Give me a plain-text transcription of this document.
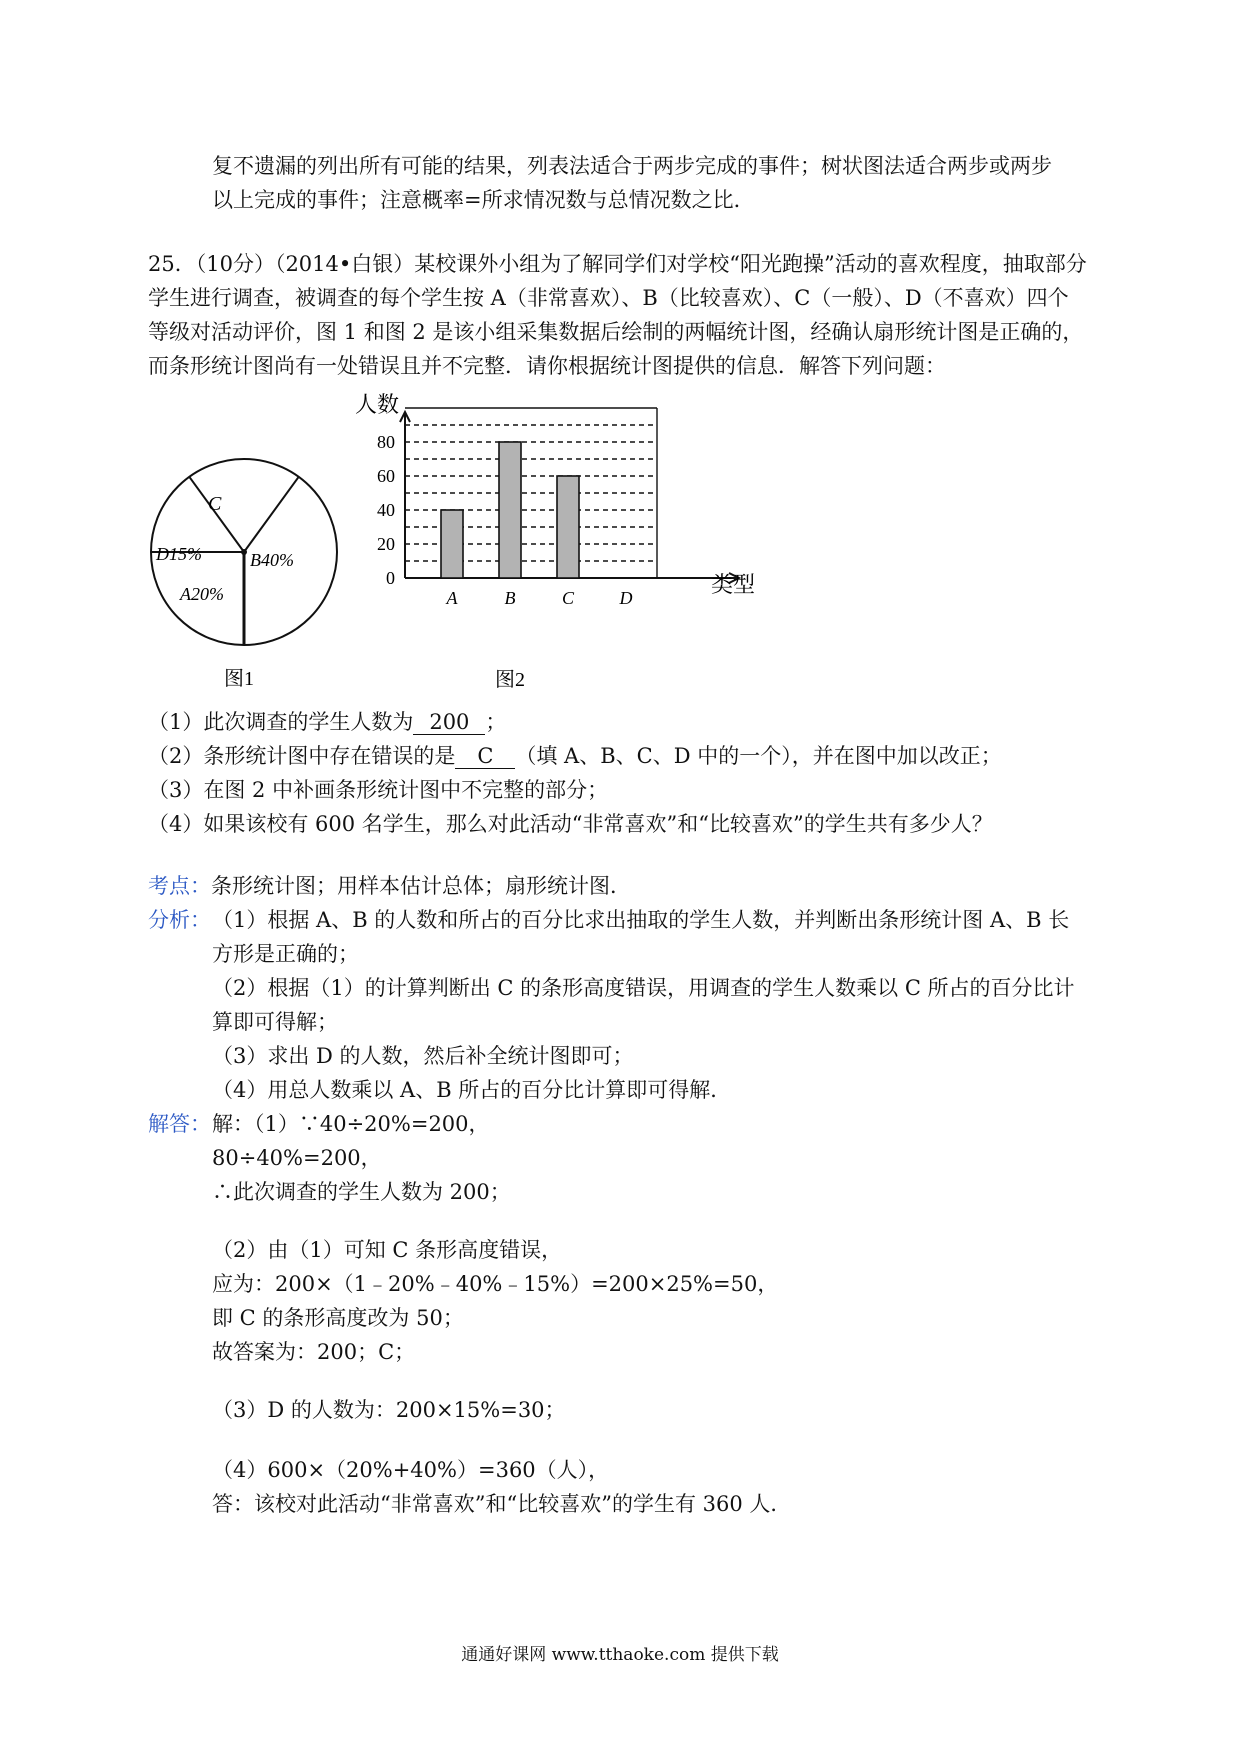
复不遗漏的列出所有可能的结果，列表法适合于两步完成的事件；树状图法适合两步或两步
以上完成的事件；注意概率=所求情况数与总情况数之比．
25．（10分）（2014•白银）某校课外小组为了解同学们对学校“阳光跑操”活动的喜欢程度，抽取部分
学生进行调查，被调查的每个学生按 A（非常喜欢）、B（比较喜欢）、C（一般）、D（不喜欢）四个
等级对活动评价，图 1 和图 2 是该小组采集数据后绘制的两幅统计图，经确认扇形统计图是正确的，
而条形统计图尚有一处错误且并不完整．请你根据统计图提供的信息．解答下列问题：
C
D15%
A20%
B40%
图1
0
20
40
60
80
A	B	C	D
人数
类型
图2
（1）此次调查的学生人数为 200 ；
（2）条形统计图中存在错误的是 C （填 A、B、C、D 中的一个），并在图中加以改正；
（3）在图 2 中补画条形统计图中不完整的部分；
（4）如果该校有 600 名学生，那么对此活动“非常喜欢”和“比较喜欢”的学生共有多少人？
考点：条形统计图；用样本估计总体；扇形统计图．
分析： （1）根据 A、B 的人数和所占的百分比求出抽取的学生人数，并判断出条形统计图 A、B 长
方形是正确的；
（2）根据（1）的计算判断出 C 的条形高度错误，用调查的学生人数乘以 C 所占的百分比计
算即可得解；
（3）求出 D 的人数，然后补全统计图即可；
（4）用总人数乘以 A、B 所占的百分比计算即可得解．
解答： 解：（1）∵40÷20%=200，
80÷40%=200，
∴此次调查的学生人数为 200；
（2）由（1）可知 C 条形高度错误，
应为：200×（1﹣20%﹣40%﹣15%）=200×25%=50，
即 C 的条形高度改为 50；
故答案为：200；C；
（3）D 的人数为：200×15%=30；
（4）600×（20%+40%）=360（人），
答：该校对此活动“非常喜欢”和“比较喜欢”的学生有 360 人．
通通好课网 www.tthaoke.com 提供下载
